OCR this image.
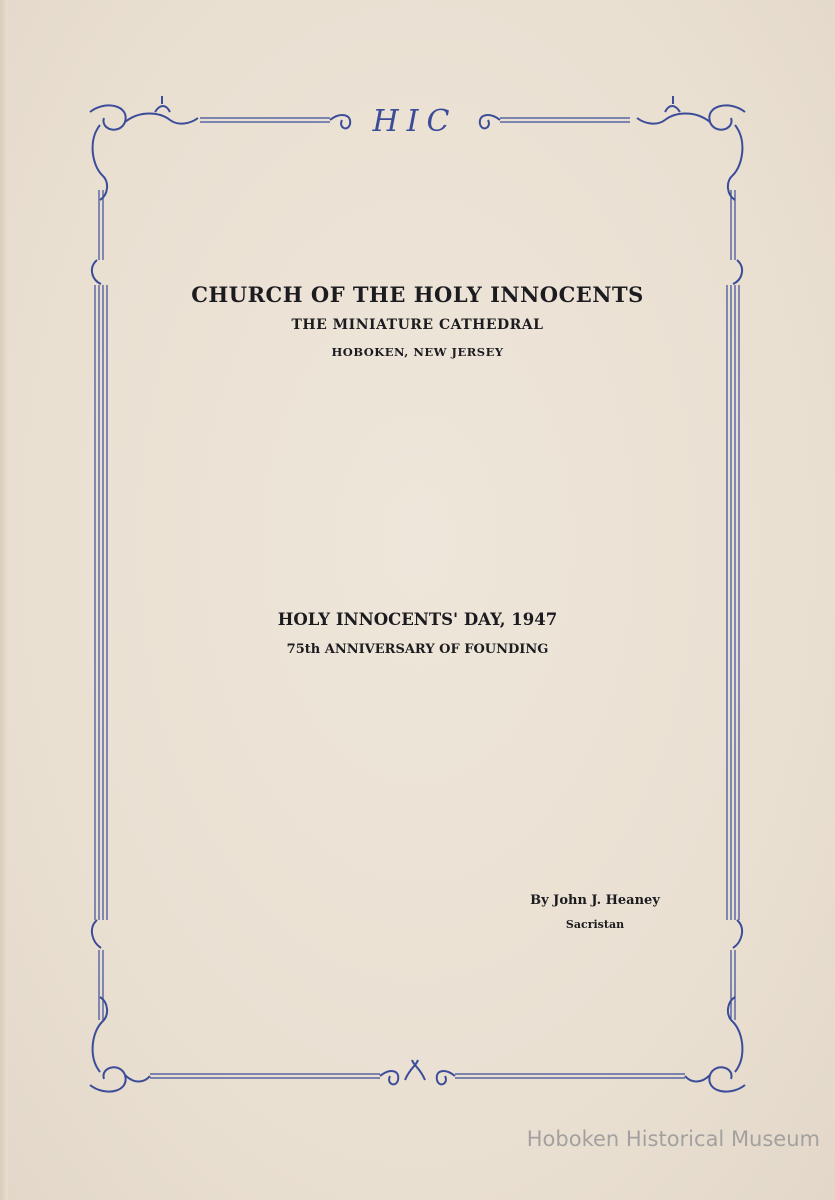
HIC
CHURCH OF THE HOLY INNOCENTS
THE MINIATURE CATHEDRAL
HOBOKEN, NEW JERSEY
HOLY INNOCENTS' DAY, 1947
75th ANNIVERSARY OF FOUNDING
By John J. Heaney
Sacristan
Hoboken Historical Museum
